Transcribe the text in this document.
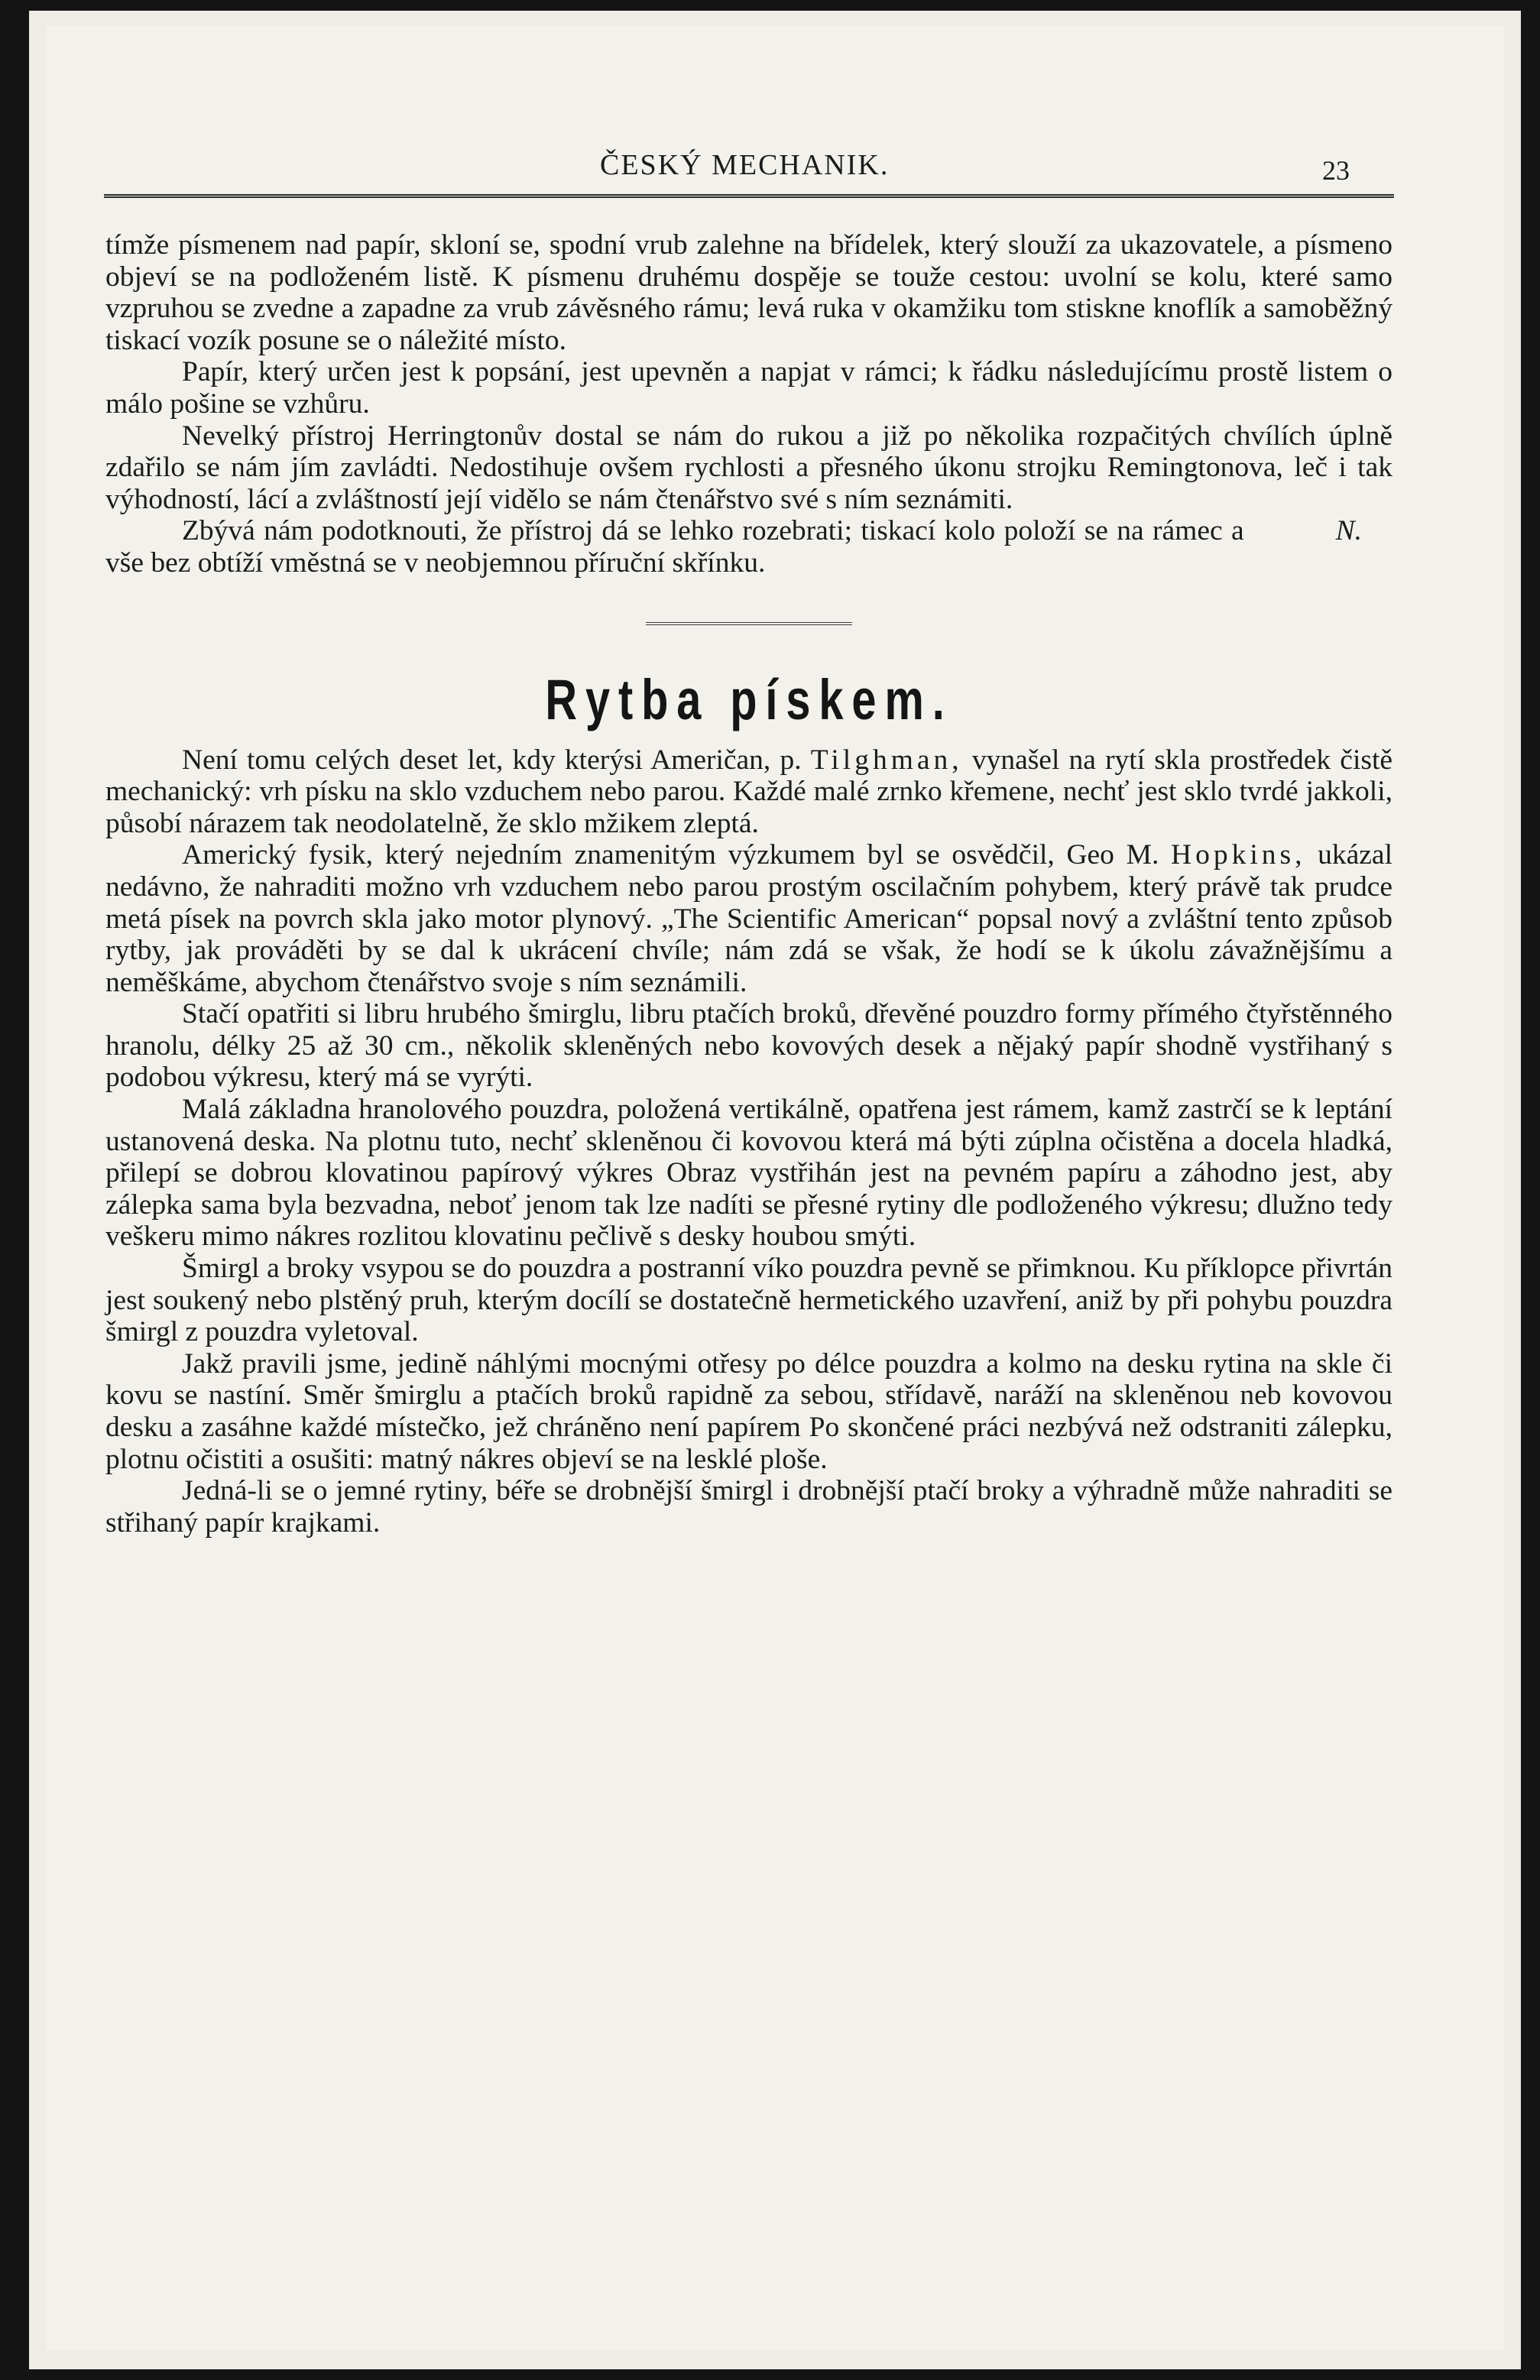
ČESKÝ MECHANIK.	23

tímže písmenem nad papír, skloní se, spodní vrub zalehne na břídelek, který slouží za ukazovatele, a písmeno objeví se na podloženém listě. K písmenu druhému dospěje se touže cestou: uvolní se kolu, které samo vzpruhou se zvedne a zapadne za vrub závěsného rámu; levá ruka v okamžiku tom stiskne knoflík a samoběžný tiskací vozík posune se o náležité místo.

Papír, který určen jest k popsání, jest upevněn a napjat v rámci; k řádku následujícímu prostě listem o málo pošine se vzhůru.

Nevelký přístroj Herringtonův dostal se nám do rukou a již po několika rozpačitých chvílích úplně zdařilo se nám jím zavládti. Nedostihuje ovšem rychlosti a přesného úkonu strojku Remingtonova, leč i tak výhodností, lácí a zvláštností její vidělo se nám čtenářstvo své s ním seznámiti.

N.
Zbývá nám podotknouti, že přístroj dá se lehko rozebrati; tiskací kolo položí se na rámec a vše bez obtíží vměstná se v neobjemnou příruční skřínku.

Rytba pískem.

Není tomu celých deset let, kdy kterýsi Američan, p. Tilghman, vynašel na rytí skla prostředek čistě mechanický: vrh písku na sklo vzduchem nebo parou. Každé malé zrnko křemene, nechť jest sklo tvrdé jakkoli, působí nárazem tak neodolatelně, že sklo mžikem zleptá.

Americký fysik, který nejedním znamenitým výzkumem byl se osvědčil, Geo M. Hopkins, ukázal nedávno, že nahraditi možno vrh vzduchem nebo parou prostým oscilačním pohybem, který právě tak prudce metá písek na povrch skla jako motor plynový. „The Scientific American“ popsal nový a zvláštní tento způsob rytby, jak prováděti by se dal k ukrácení chvíle; nám zdá se však, že hodí se k úkolu závažnějšímu a neměškáme, abychom čtenářstvo svoje s ním seznámili.

Stačí opatřiti si libru hrubého šmirglu, libru ptačích broků, dřevěné pouzdro formy přímého čtyřstěnného hranolu, délky 25 až 30 cm., několik skleněných nebo kovových desek a nějaký papír shodně vystřihaný s podobou výkresu, který má se vyrýti.

Malá základna hranolového pouzdra, položená vertikálně, opatřena jest rámem, kamž zastrčí se k leptání ustanovená deska. Na plotnu tuto, nechť skleněnou či kovovou která má býti zúplna očistěna a docela hladká, přilepí se dobrou klovatinou papírový výkres Obraz vystřihán jest na pevném papíru a záhodno jest, aby zálepka sama byla bezvadna, neboť jenom tak lze nadíti se přesné rytiny dle podloženého výkresu; dlužno tedy veškeru mimo nákres rozlitou klovatinu pečlivě s desky houbou smýti.

Šmirgl a broky vsypou se do pouzdra a postranní víko pouzdra pevně se přimknou. Ku příklopce přivrtán jest soukený nebo plstěný pruh, kterým docílí se dostatečně hermetického uzavření, aniž by při pohybu pouzdra šmirgl z pouzdra vyletoval.

Jakž pravili jsme, jedině náhlými mocnými otřesy po délce pouzdra a kolmo na desku rytina na skle či kovu se nastíní. Směr šmirglu a ptačích broků rapidně za sebou, střídavě, naráží na skleněnou neb kovovou desku a zasáhne každé místečko, jež chráněno není papírem Po skončené práci nezbývá než odstraniti zálepku, plotnu očistiti a osušiti: matný nákres objeví se na lesklé ploše.

Jedná-li se o jemné rytiny, béře se drobnější šmirgl i drobnější ptačí broky a výhradně může nahraditi se střihaný papír krajkami.
